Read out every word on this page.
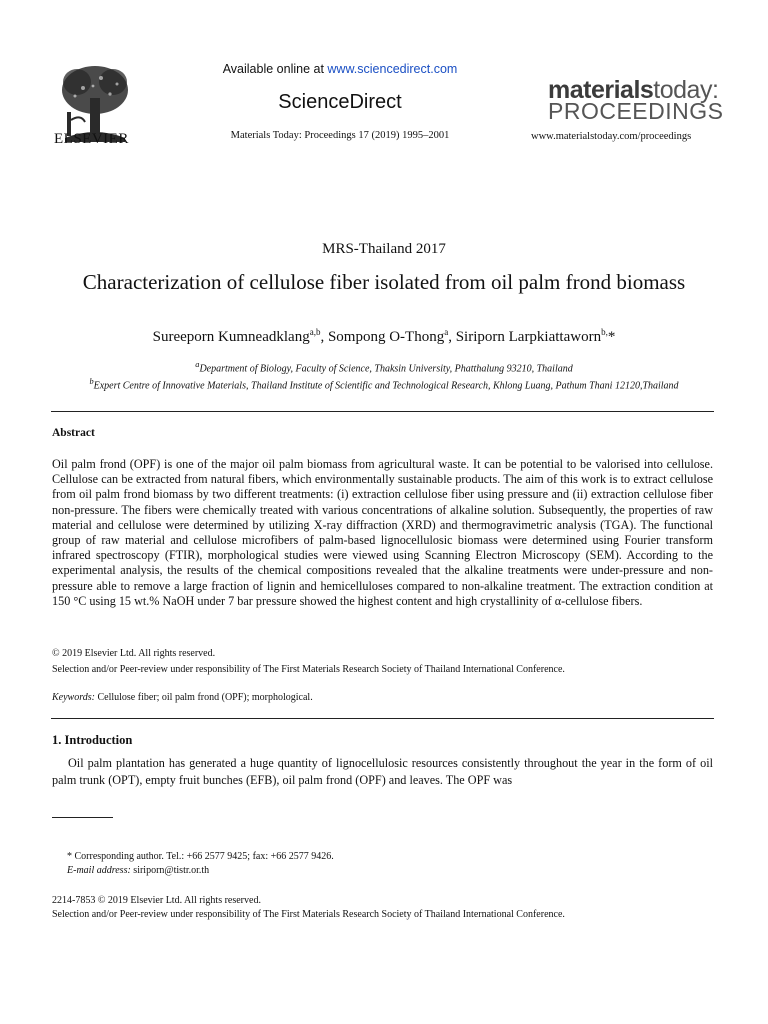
ELSEVIER
Available online at www.sciencedirect.com
ScienceDirect
Materials Today: Proceedings 17 (2019) 1995–2001
materialstoday:
PROCEEDINGS
www.materialstoday.com/proceedings
MRS-Thailand 2017
Characterization of cellulose fiber isolated from oil palm frond biomass
Sureeporn Kumneadklang$^{a,b}$, Sompong O-Thong$^a$, Siriporn Larpkiattaworn$^{b,}$*
$^a$Department of Biology, Faculty of Science, Thaksin University, Phatthalung 93210, Thailand
$^b$Expert Centre of Innovative Materials, Thailand Institute of Scientific and Technological Research, Khlong Luang, Pathum Thani 12120,Thailand
Abstract
Oil palm frond (OPF) is one of the major oil palm biomass from agricultural waste. It can be potential to be valorised into cellulose. Cellulose can be extracted from natural fibers, which environmentally sustainable products. The aim of this work is to extract cellulose from oil palm frond biomass by two different treatments: (i) extraction cellulose fiber using pressure and (ii) extraction cellulose fiber non-pressure. The fibers were chemically treated with various concentrations of alkaline solution. Subsequently, the properties of raw material and cellulose were determined by utilizing X-ray diffraction (XRD) and thermogravimetric analysis (TGA). The functional group of raw material and cellulose microfibers of palm-based lignocellulosic biomass were determined using Fourier transform infrared spectroscopy (FTIR), morphological studies were viewed using Scanning Electron Microscopy (SEM). According to the experimental analysis, the results of the chemical compositions revealed that the alkaline treatments were under-pressure and non-pressure able to remove a large fraction of lignin and hemicelluloses compared to non-alkaline treatment. The extraction condition at 150 °C using 15 wt.% NaOH under 7 bar pressure showed the highest content and high crystallinity of α-cellulose fibers.
© 2019 Elsevier Ltd. All rights reserved.
Selection and/or Peer-review under responsibility of The First Materials Research Society of Thailand International Conference.
Keywords: Cellulose fiber; oil palm frond (OPF); morphological.
1. Introduction
Oil palm plantation has generated a huge quantity of lignocellulosic resources consistently throughout the year in the form of oil palm trunk (OPT), empty fruit bunches (EFB), oil palm frond (OPF) and leaves. The OPF was
* Corresponding author. Tel.: +66 2577 9425; fax: +66 2577 9426.
E-mail address: siriporn@tistr.or.th
2214-7853 © 2019 Elsevier Ltd. All rights reserved.
Selection and/or Peer-review under responsibility of The First Materials Research Society of Thailand International Conference.
